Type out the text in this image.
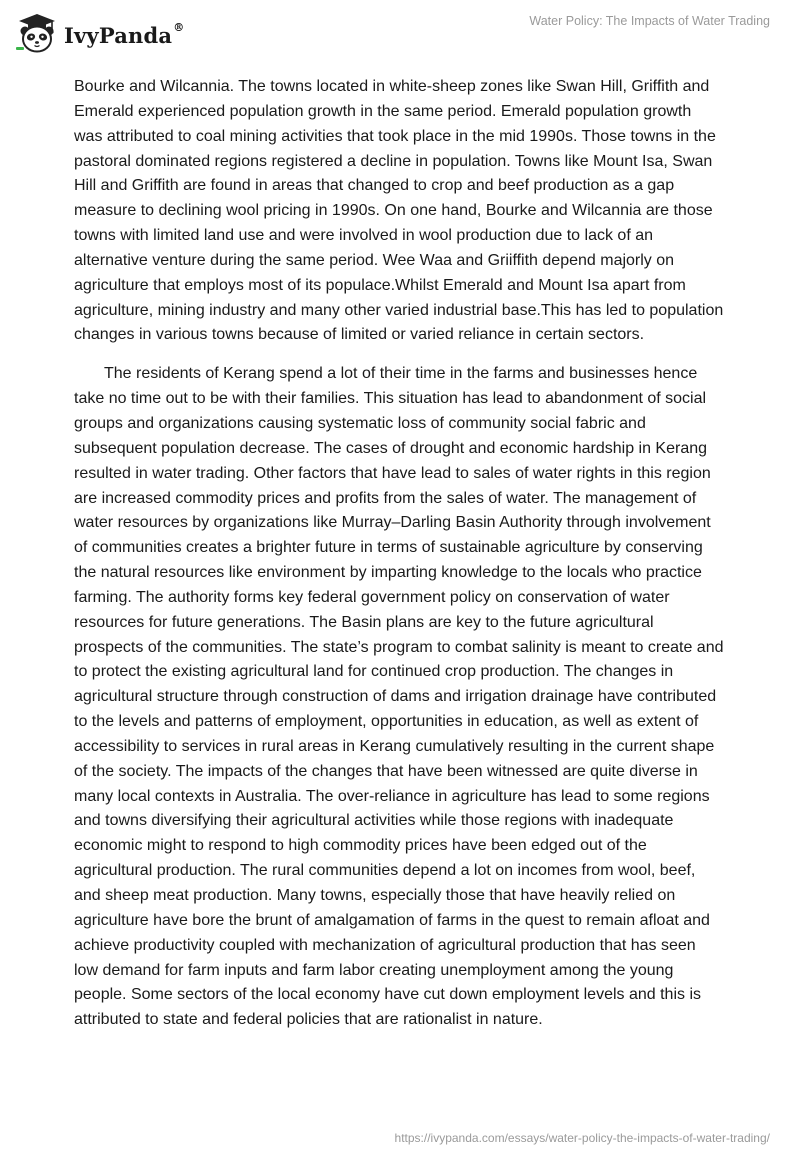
IvyPanda®	Water Policy: The Impacts of Water Trading

Bourke and Wilcannia. The towns located in white-sheep zones like Swan Hill, Griffith and Emerald experienced population growth in the same period. Emerald population growth was attributed to coal mining activities that took place in the mid 1990s. Those towns in the pastoral dominated regions registered a decline in population. Towns like Mount Isa, Swan Hill and Griffith are found in areas that changed to crop and beef production as a gap measure to declining wool pricing in 1990s. On one hand, Bourke and Wilcannia are those towns with limited land use and were involved in wool production due to lack of an alternative venture during the same period. Wee Waa and Griiffith depend majorly on agriculture that employs most of its populace.Whilst Emerald and Mount Isa apart from agriculture, mining industry and many other varied industrial base.This has led to population changes in various towns because of limited or varied reliance in certain sectors.

The residents of Kerang spend a lot of their time in the farms and businesses hence take no time out to be with their families. This situation has lead to abandonment of social groups and organizations causing systematic loss of community social fabric and subsequent population decrease. The cases of drought and economic hardship in Kerang resulted in water trading. Other factors that have lead to sales of water rights in this region are increased commodity prices and profits from the sales of water. The management of water resources by organizations like Murray–Darling Basin Authority through involvement of communities creates a brighter future in terms of sustainable agriculture by conserving the natural resources like environment by imparting knowledge to the locals who practice farming. The authority forms key federal government policy on conservation of water resources for future generations. The Basin plans are key to the future agricultural prospects of the communities. The state’s program to combat salinity is meant to create and to protect the existing agricultural land for continued crop production. The changes in agricultural structure through construction of dams and irrigation drainage have contributed to the levels and patterns of employment, opportunities in education, as well as extent of accessibility to services in rural areas in Kerang cumulatively resulting in the current shape of the society. The impacts of the changes that have been witnessed are quite diverse in many local contexts in Australia. The over-reliance in agriculture has lead to some regions and towns diversifying their agricultural activities while those regions with inadequate economic might to respond to high commodity prices have been edged out of the agricultural production. The rural communities depend a lot on incomes from wool, beef, and sheep meat production. Many towns, especially those that have heavily relied on agriculture have bore the brunt of amalgamation of farms in the quest to remain afloat and achieve productivity coupled with mechanization of agricultural production that has seen low demand for farm inputs and farm labor creating unemployment among the young people. Some sectors of the local economy have cut down employment levels and this is attributed to state and federal policies that are rationalist in nature.

https://ivypanda.com/essays/water-policy-the-impacts-of-water-trading/
